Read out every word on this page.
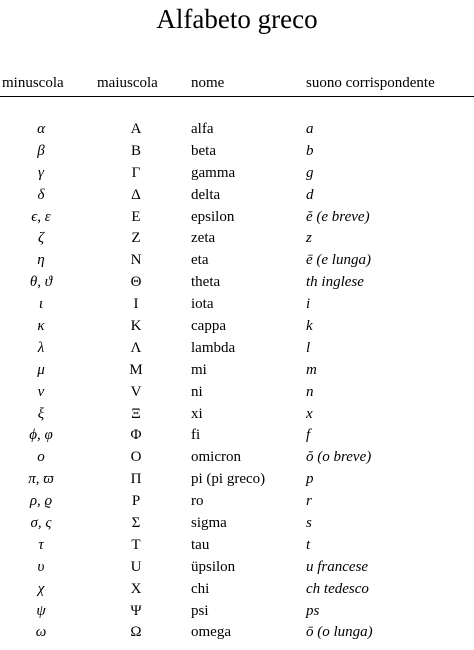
Alfabeto greco
minuscola maiuscola nome	suono corrispondente
α	A	alfa	a
β	B	beta	b
γ	Γ	gamma	g
δ	Δ	delta	d
ϵ, ε	E	epsilon	ĕ (e breve)
ζ	Z	zeta	z
η	N	eta	ē (e lunga)
θ, ϑ	Θ	theta	th inglese
ι	I	iota	i
κ	K	cappa	k
λ	Λ	lambda	l
μ	M	mi	m
ν	V	ni	n
ξ	Ξ	xi	x
ϕ, φ	Φ	fi	f
o	O	omicron	ŏ (o breve)
π, ϖ	Π	pi (pi greco)	p
ρ, ϱ	P	ro	r
σ, ς	Σ	sigma	s
τ	T	tau	t
υ	U	üpsilon	u francese
χ	X	chi	ch tedesco
ψ	Ψ	psi	ps
ω	Ω	omega	ō (o lunga)
